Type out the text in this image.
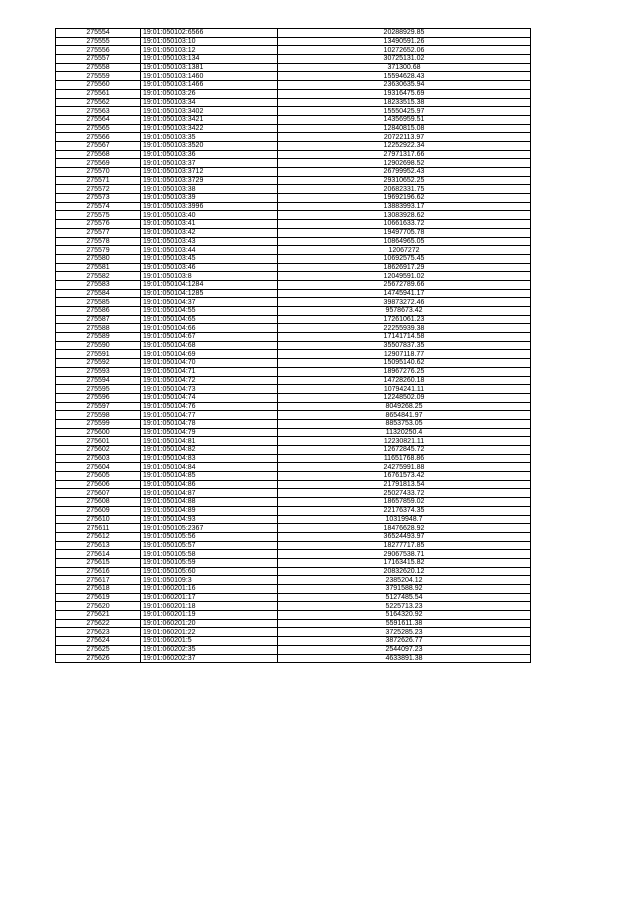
275554	19:01:050102:6566	20288929.85
275555	19:01:050103:10	13490591.26
275556	19:01:050103:12	10272652.06
275557	19:01:050103:134	30725131.02
275558	19:01:050103:1381	371300.68
275559	19:01:050103:1460	15594628.43
275560	19:01:050103:1466	23630635.94
275561	19:01:050103:26	19316475.69
275562	19:01:050103:34	18233515.38
275563	19:01:050103:3402	15550425.97
275564	19:01:050103:3421	14356959.51
275565	19:01:050103:3422	12840815.08
275566	19:01:050103:35	20722113.97
275567	19:01:050103:3520	12252922.34
275568	19:01:050103:36	27971317.66
275569	19:01:050103:37	12902698.52
275570	19:01:050103:3712	26799952.43
275571	19:01:050103:3729	29310652.25
275572	19:01:050103:38	20682331.75
275573	19:01:050103:39	19692196.62
275574	19:01:050103:3996	13883993.17
275575	19:01:050103:40	13083928.62
275576	19:01:050103:41	10661633.72
275577	19:01:050103:42	19497705.78
275578	19:01:050103:43	10864965.05
275579	19:01:050103:44	12067272
275580	19:01:050103:45	10692575.45
275581	19:01:050103:46	18626917.29
275582	19:01:050103:8	12049591.02
275583	19:01:050104:1284	25672789.66
275584	19:01:050104:1285	14745941.17
275585	19:01:050104:37	39873272.46
275586	19:01:050104:55	9578673.42
275587	19:01:050104:65	17261061.23
275588	19:01:050104:66	22255939.38
275589	19:01:050104:67	17141714.58
275590	19:01:050104:68	35507837.35
275591	19:01:050104:69	12907118.77
275592	19:01:050104:70	15095140.62
275593	19:01:050104:71	18967276.25
275594	19:01:050104:72	14728260.18
275595	19:01:050104:73	10794241.11
275596	19:01:050104:74	12248502.09
275597	19:01:050104:76	8049268.25
275598	19:01:050104:77	8654841.97
275599	19:01:050104:78	8853753.05
275600	19:01:050104:79	11320250.4
275601	19:01:050104:81	12230821.11
275602	19:01:050104:82	12672845.72
275603	19:01:050104:83	11651768.86
275604	19:01:050104:84	24275991.88
275605	19:01:050104:85	16761573.42
275606	19:01:050104:86	21791813.54
275607	19:01:050104:87	25027433.72
275608	19:01:050104:88	18657859.02
275609	19:01:050104:89	22176374.35
275610	19:01:050104:93	10319948.7
275611	19:01:050105:2367	18476628.92
275612	19:01:050105:56	36524493.97
275613	19:01:050105:57	18277717.85
275614	19:01:050105:58	29067538.71
275615	19:01:050105:59	17163415.82
275616	19:01:050105:60	20832620.12
275617	19:01:050109:3	2385204.12
275618	19:01:060201:16	3791588.92
275619	19:01:060201:17	5127485.54
275620	19:01:060201:18	5225713.23
275621	19:01:060201:19	5164320.92
275622	19:01:060201:20	5591611.38
275623	19:01:060201:22	3725285.23
275624	19:01:060201:5	3872626.77
275625	19:01:060202:35	2544097.23
275626	19:01:060202:37	4633891.38
